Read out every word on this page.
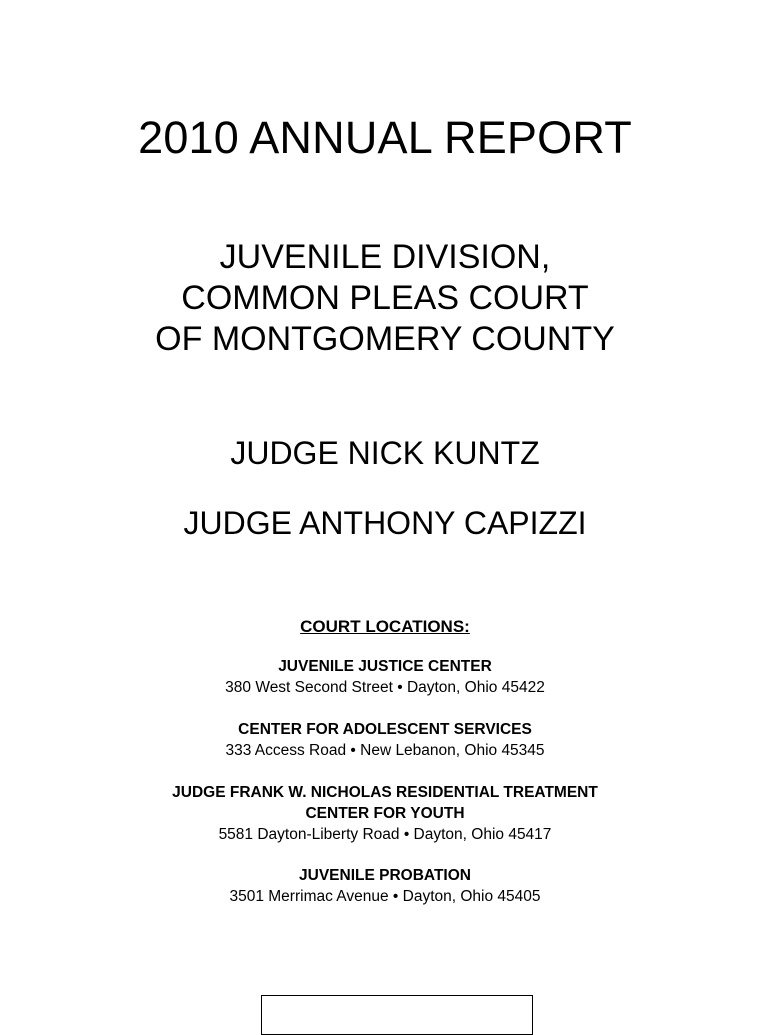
2010 ANNUAL REPORT
JUVENILE DIVISION,
COMMON PLEAS COURT
OF MONTGOMERY COUNTY
JUDGE NICK KUNTZ
JUDGE ANTHONY CAPIZZI
COURT LOCATIONS:
JUVENILE JUSTICE CENTER
380 West Second Street • Dayton, Ohio 45422
CENTER FOR ADOLESCENT SERVICES
333 Access Road • New Lebanon, Ohio 45345
JUDGE FRANK W. NICHOLAS RESIDENTIAL TREATMENT
CENTER FOR YOUTH
5581 Dayton-Liberty Road • Dayton, Ohio 45417
JUVENILE PROBATION
3501 Merrimac Avenue • Dayton, Ohio 45405
